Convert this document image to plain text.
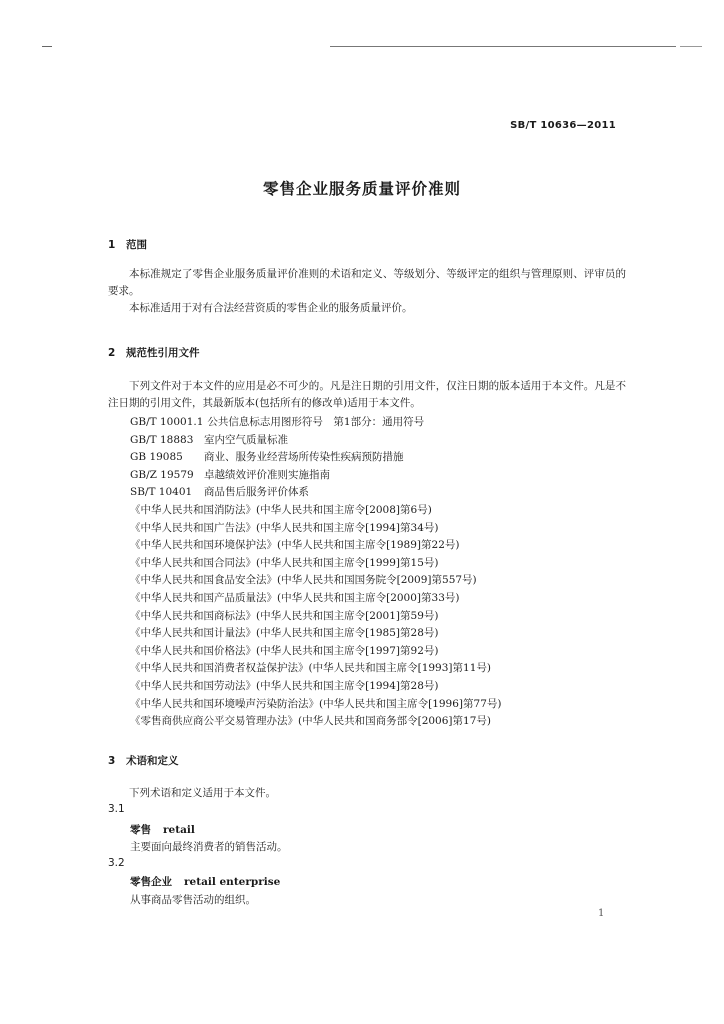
SB/T 10636—2011
零售企业服务质量评价准则
1 范围

本标准规定了零售企业服务质量评价准则的术语和定义、等级划分、等级评定的组织与管理原则、评审员的要求。

本标准适用于对有合法经营资质的零售企业的服务质量评价。

2 规范性引用文件

下列文件对于本文件的应用是必不可少的。凡是注日期的引用文件，仅注日期的版本适用于本文件。凡是不注日期的引用文件，其最新版本(包括所有的修改单)适用于本文件。

GB/T 10001.1 公共信息标志用图形符号　第1部分：通用符号
GB/T 18883 室内空气质量标准
GB 19085 商业、服务业经营场所传染性疾病预防措施
GB/Z 19579 卓越绩效评价准则实施指南
SB/T 10401 商品售后服务评价体系
《中华人民共和国消防法》(中华人民共和国主席令[2008]第6号)
《中华人民共和国广告法》(中华人民共和国主席令[1994]第34号)
《中华人民共和国环境保护法》(中华人民共和国主席令[1989]第22号)
《中华人民共和国合同法》(中华人民共和国主席令[1999]第15号)
《中华人民共和国食品安全法》(中华人民共和国国务院令[2009]第557号)
《中华人民共和国产品质量法》(中华人民共和国主席令[2000]第33号)
《中华人民共和国商标法》(中华人民共和国主席令[2001]第59号)
《中华人民共和国计量法》(中华人民共和国主席令[1985]第28号)
《中华人民共和国价格法》(中华人民共和国主席令[1997]第92号)
《中华人民共和国消费者权益保护法》(中华人民共和国主席令[1993]第11号)
《中华人民共和国劳动法》(中华人民共和国主席令[1994]第28号)
《中华人民共和国环境噪声污染防治法》(中华人民共和国主席令[1996]第77号)
《零售商供应商公平交易管理办法》(中华人民共和国商务部令[2006]第17号)
3 术语和定义

下列术语和定义适用于本文件。

3.1
零售 retail
主要面向最终消费者的销售活动。
3.2
零售企业 retail enterprise
从事商品零售活动的组织。
1
